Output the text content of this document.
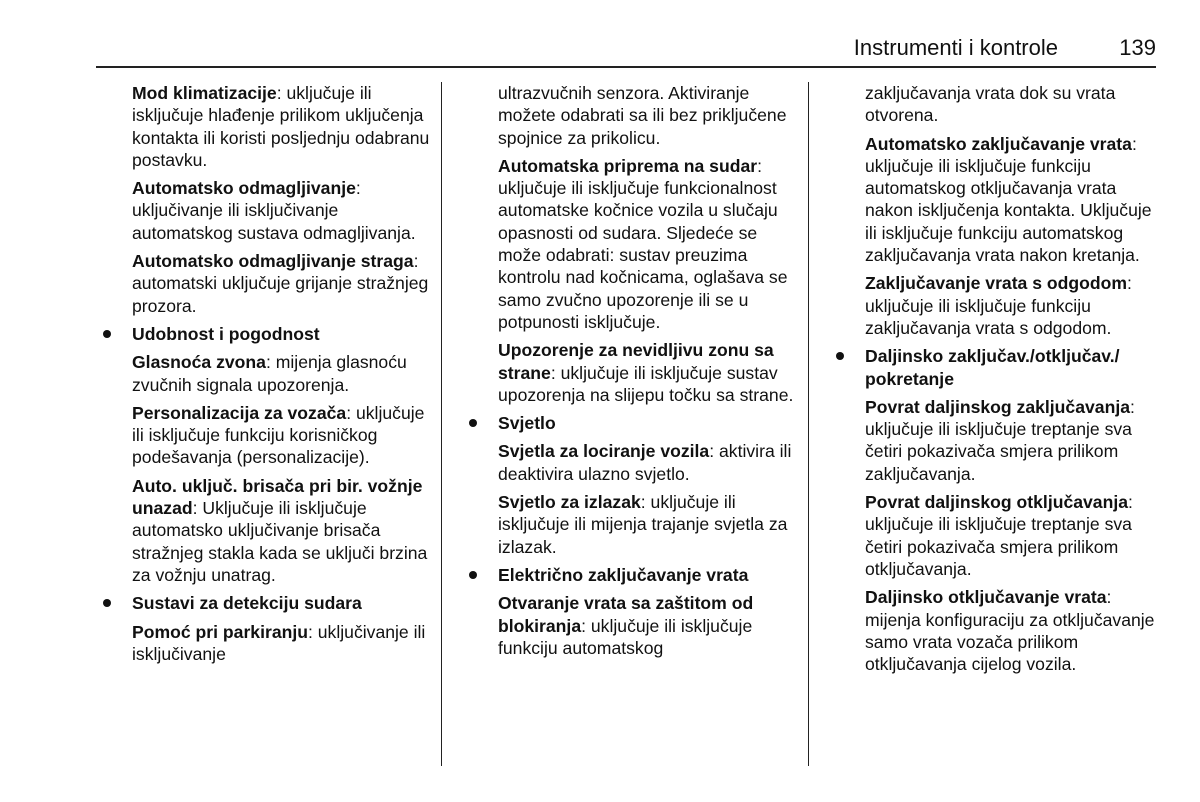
Instrumenti i kontrole	139

Mod klimatizacije: uključuje ili isključuje hlađenje prilikom uključenja kontakta ili koristi posljednju odabranu postavku.

Automatsko odmagljivanje: uključivanje ili isključivanje automatskog sustava odmagljivanja.

Automatsko odmagljivanje straga: automatski uključuje grijanje stražnjeg prozora.

Udobnost i pogodnost

Glasnoća zvona: mijenja glasnoću zvučnih signala upozorenja.

Personalizacija za vozača: uključuje ili isključuje funkciju korisničkog podešavanja (personalizacije).

Auto. uključ. brisača pri bir. vožnje unazad: Uključuje ili isključuje automatsko uključivanje brisača stražnjeg stakla kada se uključi brzina za vožnju unatrag.

Sustavi za detekciju sudara

Pomoć pri parkiranju: uključivanje ili isključivanje

ultrazvučnih senzora. Aktiviranje možete odabrati sa ili bez priključene spojnice za prikolicu.

Automatska priprema na sudar: uključuje ili isključuje funkcionalnost automatske kočnice vozila u slučaju opasnosti od sudara. Sljedeće se može odabrati: sustav preuzima kontrolu nad kočnicama, oglašava se samo zvučno upozorenje ili se u potpunosti isključuje.

Upozorenje za nevidljivu zonu sa strane: uključuje ili isključuje sustav upozorenja na slijepu točku sa strane.

Svjetlo

Svjetla za lociranje vozila: aktivira ili deaktivira ulazno svjetlo.

Svjetlo za izlazak: uključuje ili isključuje ili mijenja trajanje svjetla za izlazak.

Električno zaključavanje vrata

Otvaranje vrata sa zaštitom od blokiranja: uključuje ili isključuje funkciju automatskog

zaključavanja vrata dok su vrata otvorena.

Automatsko zaključavanje vrata: uključuje ili isključuje funkciju automatskog otključavanja vrata nakon isključenja kontakta. Uključuje ili isključuje funkciju automatskog zaključavanja vrata nakon kretanja.

Zaključavanje vrata s odgodom: uključuje ili isključuje funkciju zaključavanja vrata s odgodom.

Daljinsko zaključav./otključav./ pokretanje

Povrat daljinskog zaključavanja: uključuje ili isključuje treptanje sva četiri pokazivača smjera prilikom zaključavanja.

Povrat daljinskog otključavanja: uključuje ili isključuje treptanje sva četiri pokazivača smjera prilikom otključavanja.

Daljinsko otključavanje vrata: mijenja konfiguraciju za otključavanje samo vrata vozača prilikom otključavanja cijelog vozila.
